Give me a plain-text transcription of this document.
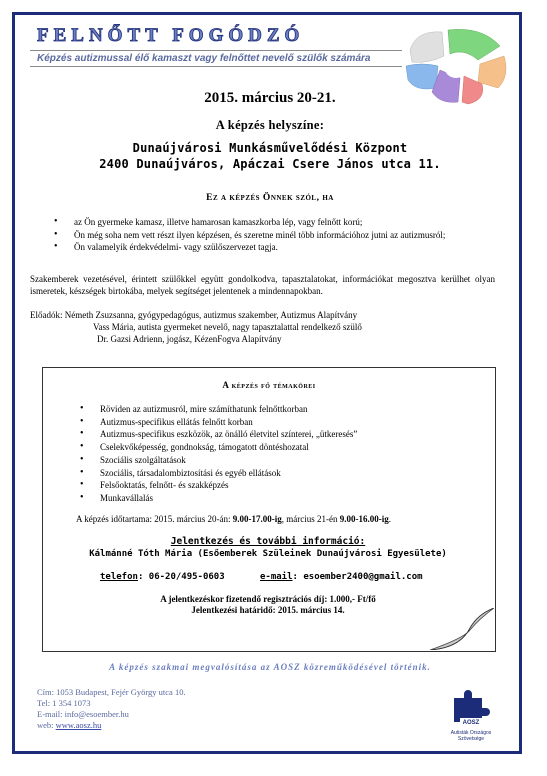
FELNŐTT FOGÓDZÓ
Képzés autizmussal élő kamaszt vagy felnőttet nevelő szülők számára
2015. március 20-21.
A képzés helyszíne:
Dunaújvárosi Munkásművelődési Központ
2400 Dunaújváros, Apáczai Csere János utca 11.
Ez a képzés Önnek szól, ha
• az Ön gyermeke kamasz, illetve hamarosan kamaszkorba lép, vagy felnőtt korú;
• Ön még soha nem vett részt ilyen képzésen, és szeretne minél több információhoz jutni az autizmusról;
• Ön valamelyik érdekvédelmi- vagy szülőszervezet tagja.
Szakemberek vezetésével, érintett szülőkkel együtt gondolkodva, tapasztalatokat, információkat megosztva kerülhet olyan ismeretek, készségek birtokába, melyek segítséget jelentenek a mindennapokban.
Előadók: Németh Zsuzsanna, gyógypedagógus, autizmus szakember, Autizmus Alapítvány
Vass Mária, autista gyermeket nevelő, nagy tapasztalattal rendelkező szülő
Dr. Gazsi Adrienn, jogász, KézenFogva Alapítvány
A képzés fő témakörei
• Röviden az autizmusról, mire számíthatunk felnőttkorban
• Autizmus-specifikus ellátás felnőtt korban
• Autizmus-specifikus eszközök, az önálló életvitel színterei, „ütkeresés”
• Cselekvőképesség, gondnokság, támogatott döntéshozatal
• Szociális szolgáltatások
• Szociális, társadalombiztosítási és egyéb ellátások
• Felsőoktatás, felnőtt- és szakképzés
• Munkavállalás
A képzés időtartama: 2015. március 20-án: 9.00-17.00-ig, március 21-én 9.00-16.00-ig.
Jelentkezés és további információ:
Kálmánné Tóth Mária (Esőemberek Szüleinek Dunaújvárosi Egyesülete)
telefon: 06-20/495-0603	e-mail: esoember2400@gmail.com
A jelentkezéskor fizetendő regisztrációs díj: 1.000,- Ft/fő
Jelentkezési határidő: 2015. március 14.
A képzés szakmai megvalósítása az AOSZ közreműködésével történik.
Cím: 1053 Budapest, Fejér György utca 10.
Tel: 1 354 1073
E-mail: info@esoember.hu
web: www.aosz.hu	AOSZ
Autisták Országos Szövetsége
